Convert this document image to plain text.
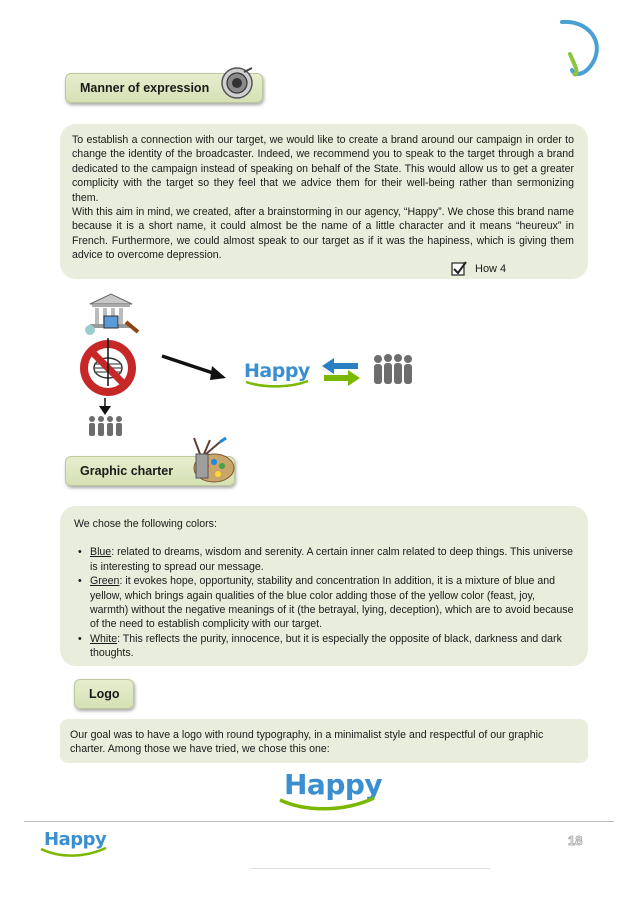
Manner of expression

To establish a connection with our target, we would like to create a brand around our campaign in order to change the identity of the broadcaster. Indeed, we recommend you to speak to the target through a brand dedicated to the campaign instead of speaking on behalf of the State. This would allow us to get a greater complicity with the target so they feel that we advice them for their well-being rather than sermonizing them.

With this aim in mind, we created, after a brainstorming in our agency, “Happy”. We chose this brand name because it is a short name, it could almost be the name of a little character and it means “heureux” in French. Furthermore, we could almost speak to our target as if it was the hapiness, which is giving them advice to overcome depression.

How 4
Happy
Graphic charter

We chose the following colors:

• Blue: related to dreams, wisdom and serenity. A certain inner calm related to deep things. This universe is interesting to spread our message.
• Green: it evokes hope, opportunity, stability and concentration In addition, it is a mixture of blue and yellow, which brings again qualities of the blue color adding those of the yellow color (feast, joy, warmth) without the negative meanings of it (the betrayal, lying, deception), which are to avoid because of the need to establish complicity with our target.
• White: This reflects the purity, innocence, but it is especially the opposite of black, darkness and dark thoughts.
Logo

Our goal was to have a logo with round typography, in a minimalist style and respectful of our graphic charter. Among those we have tried, we chose this one:

Happy
Happy	18
